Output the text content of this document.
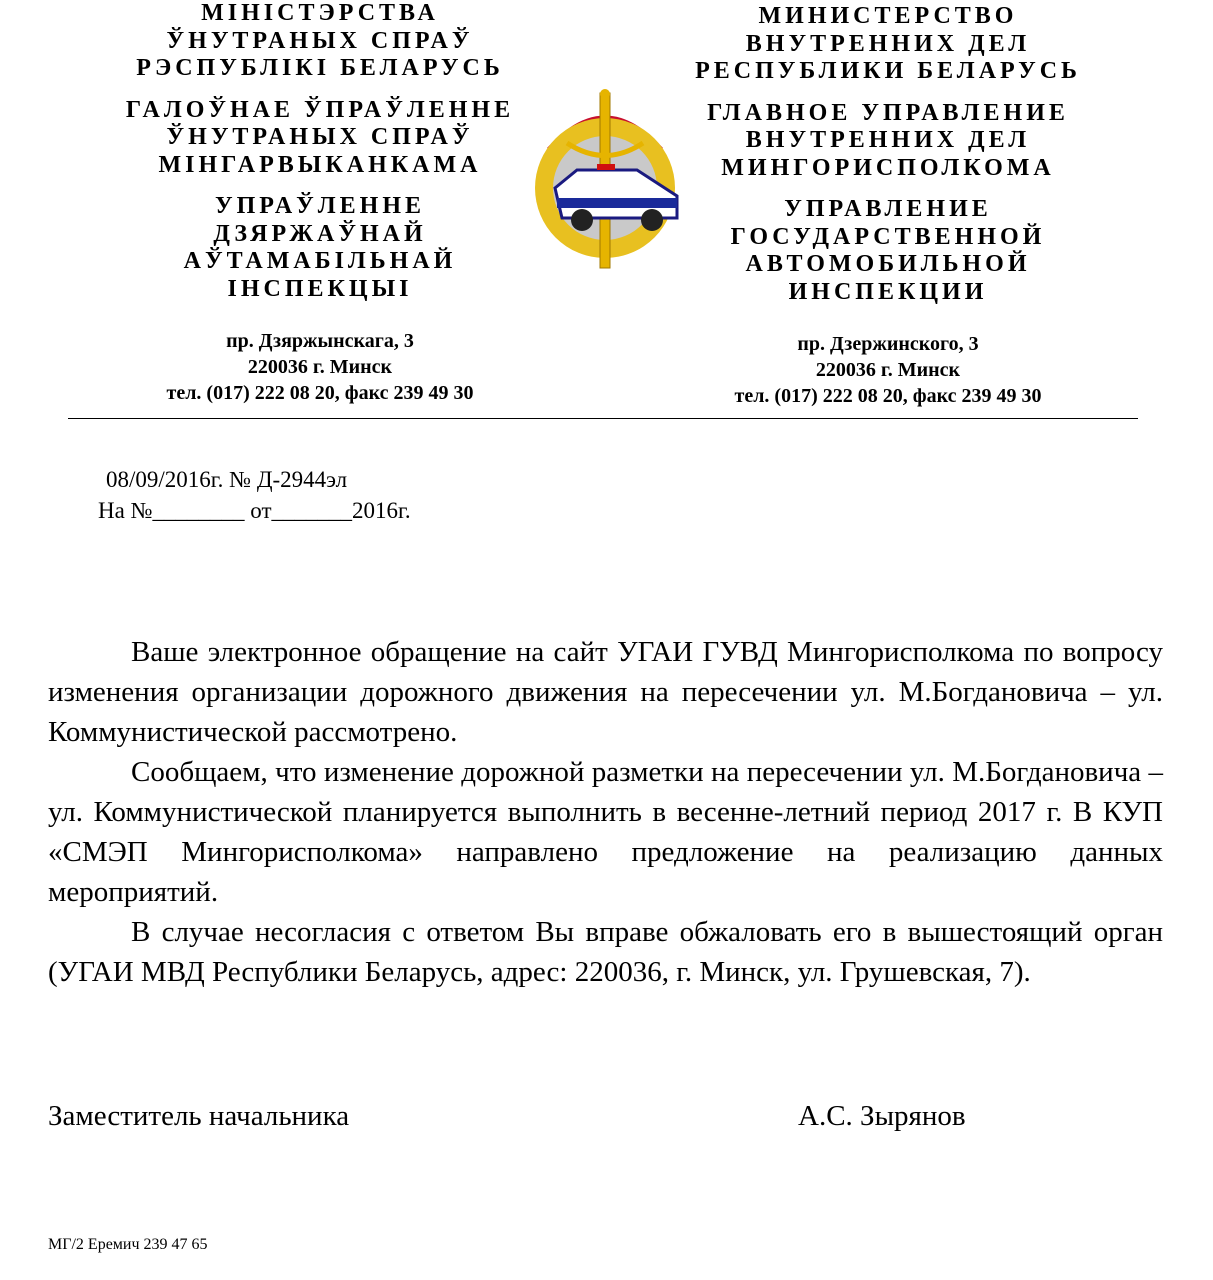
МІНІСТЭРСТВА
ЎНУТРАНЫХ СПРАЎ
РЭСПУБЛІКІ БЕЛАРУСЬ
ГАЛОЎНАЕ ЎПРАЎЛЕННЕ
ЎНУТРАНЫХ СПРАЎ
МІНГАРВЫКАНКАМА
УПРАЎЛЕННЕ
ДЗЯРЖАЎНАЙ
АЎТАМАБІЛЬНАЙ
ІНСПЕКЦЫІ
пр. Дзяржынскага, 3
220036 г. Минск
тел. (017) 222 08 20, факс 239 49 30
МИНИСТЕРСТВО
ВНУТРЕННИХ ДЕЛ
РЕСПУБЛИКИ БЕЛАРУСЬ
ГЛАВНОЕ УПРАВЛЕНИЕ
ВНУТРЕННИХ ДЕЛ
МИНГОРИСПОЛКОМА
УПРАВЛЕНИЕ
ГОСУДАРСТВЕННОЙ
АВТОМОБИЛЬНОЙ
ИНСПЕКЦИИ
пр. Дзержинского, 3
220036 г. Минск
тел. (017) 222 08 20, факс 239 49 30
08/09/2016г. № Д-2944эл
На №________ от_______2016г.

Ваше электронное обращение на сайт УГАИ ГУВД Мингорисполкома по вопросу изменения организации дорожного движения на пересечении ул. М.Богдановича – ул. Коммунистической рассмотрено.

Сообщаем, что изменение дорожной разметки на пересечении ул. М.Богдановича – ул. Коммунистической планируется выполнить в весенне-летний период 2017 г. В КУП «СМЭП Мингорисполкома» направлено предложение на реализацию данных мероприятий.

В случае несогласия с ответом Вы вправе обжаловать его в вышестоящий орган (УГАИ МВД Республики Беларусь, адрес: 220036, г. Минск, ул. Грушевская, 7).

Заместитель начальника	А.С. Зырянов
МГ/2 Еремич 239 47 65
